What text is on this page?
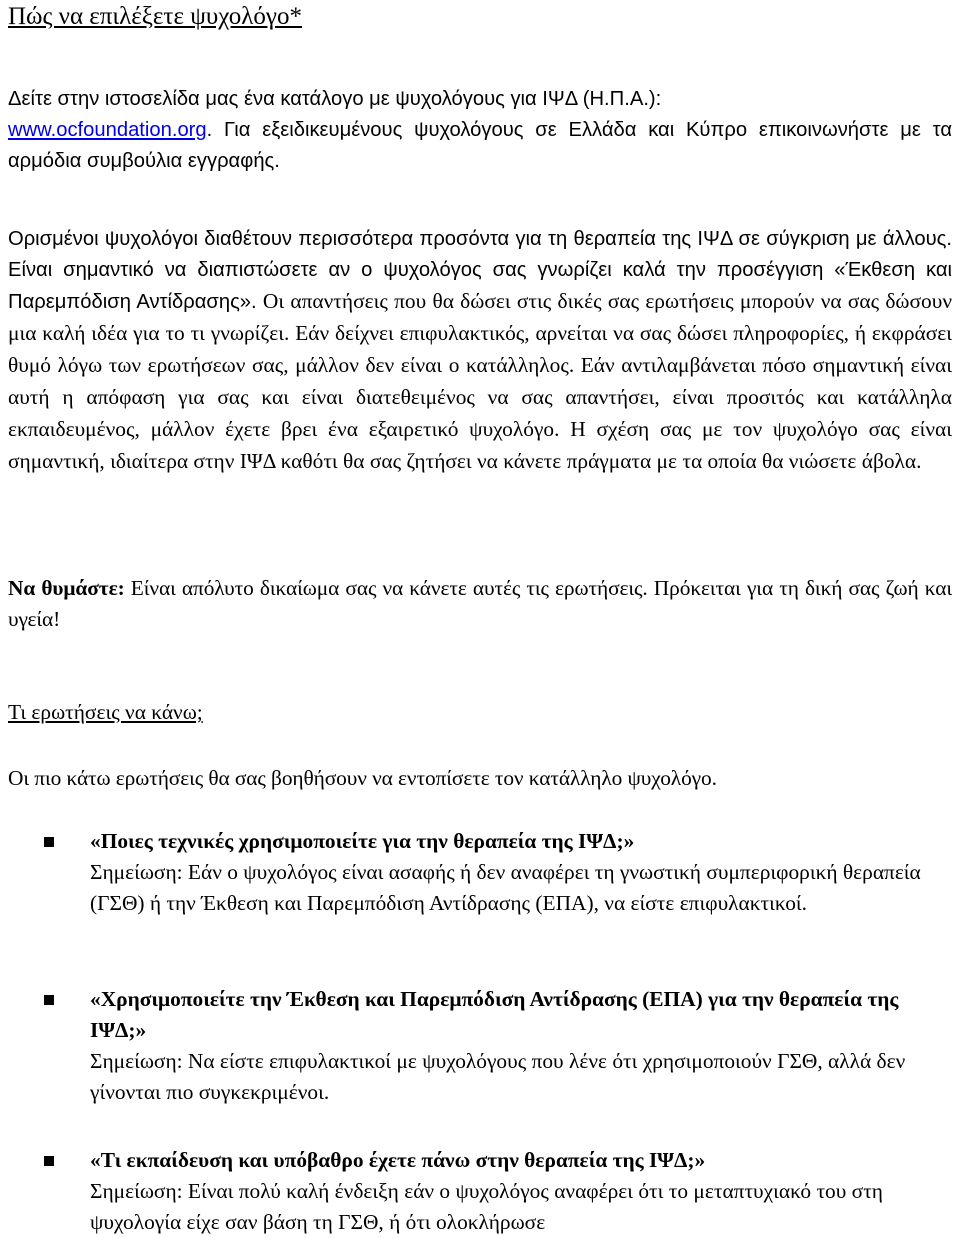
Πώς να επιλέξετε ψυχολόγο*

Δείτε στην ιστοσελίδα μας ένα κατάλογο με ψυχολόγους για ΙΨΔ (Η.Π.Α.):
www.ocfoundation.org. Για εξειδικευμένους ψυχολόγους σε Ελλάδα και Κύπρο επικοινωνήστε με τα αρμόδια συμβούλια εγγραφής.

Ορισμένοι ψυχολόγοι διαθέτουν περισσότερα προσόντα για τη θεραπεία της ΙΨΔ σε σύγκριση με άλλους. Είναι σημαντικό να διαπιστώσετε αν ο ψυχολόγος σας γνωρίζει καλά την προσέγγιση «Έκθεση και Παρεμπόδιση Αντίδρασης». Οι απαντήσεις που θα δώσει στις δικές σας ερωτήσεις μπορούν να σας δώσουν μια καλή ιδέα για το τι γνωρίζει. Εάν δείχνει επιφυλακτικός, αρνείται να σας δώσει πληροφορίες, ή εκφράσει θυμό λόγω των ερωτήσεων σας, μάλλον δεν είναι ο κατάλληλος. Εάν αντιλαμβάνεται πόσο σημαντική είναι αυτή η απόφαση για σας και είναι διατεθειμένος να σας απαντήσει, είναι προσιτός και κατάλληλα εκπαιδευμένος, μάλλον έχετε βρει ένα εξαιρετικό ψυχολόγο. Η σχέση σας με τον ψυχολόγο σας είναι σημαντική, ιδιαίτερα στην ΙΨΔ καθότι θα σας ζητήσει να κάνετε πράγματα με τα οποία θα νιώσετε άβολα.

Να θυμάστε: Είναι απόλυτο δικαίωμα σας να κάνετε αυτές τις ερωτήσεις. Πρόκειται για τη δική σας ζωή και υγεία!

Τι ερωτήσεις να κάνω;

Οι πιο κάτω ερωτήσεις θα σας βοηθήσουν να εντοπίσετε τον κατάλληλο ψυχολόγο.

«Ποιες τεχνικές χρησιμοποιείτε για την θεραπεία της ΙΨΔ;»
Σημείωση: Εάν ο ψυχολόγος είναι ασαφής ή δεν αναφέρει τη γνωστική συμπεριφορική θεραπεία (ΓΣΘ) ή την Έκθεση και Παρεμπόδιση Αντίδρασης (ΕΠΑ), να είστε επιφυλακτικοί.
«Χρησιμοποιείτε την Έκθεση και Παρεμπόδιση Αντίδρασης (ΕΠΑ) για την θεραπεία της ΙΨΔ;»
Σημείωση: Να είστε επιφυλακτικοί με ψυχολόγους που λένε ότι χρησιμοποιούν ΓΣΘ, αλλά δεν γίνονται πιο συγκεκριμένοι.
«Τι εκπαίδευση και υπόβαθρο έχετε πάνω στην θεραπεία της ΙΨΔ;»
Σημείωση: Είναι πολύ καλή ένδειξη εάν ο ψυχολόγος αναφέρει ότι το μεταπτυχιακό του στη ψυχολογία είχε σαν βάση τη ΓΣΘ, ή ότι ολοκλήρωσε
